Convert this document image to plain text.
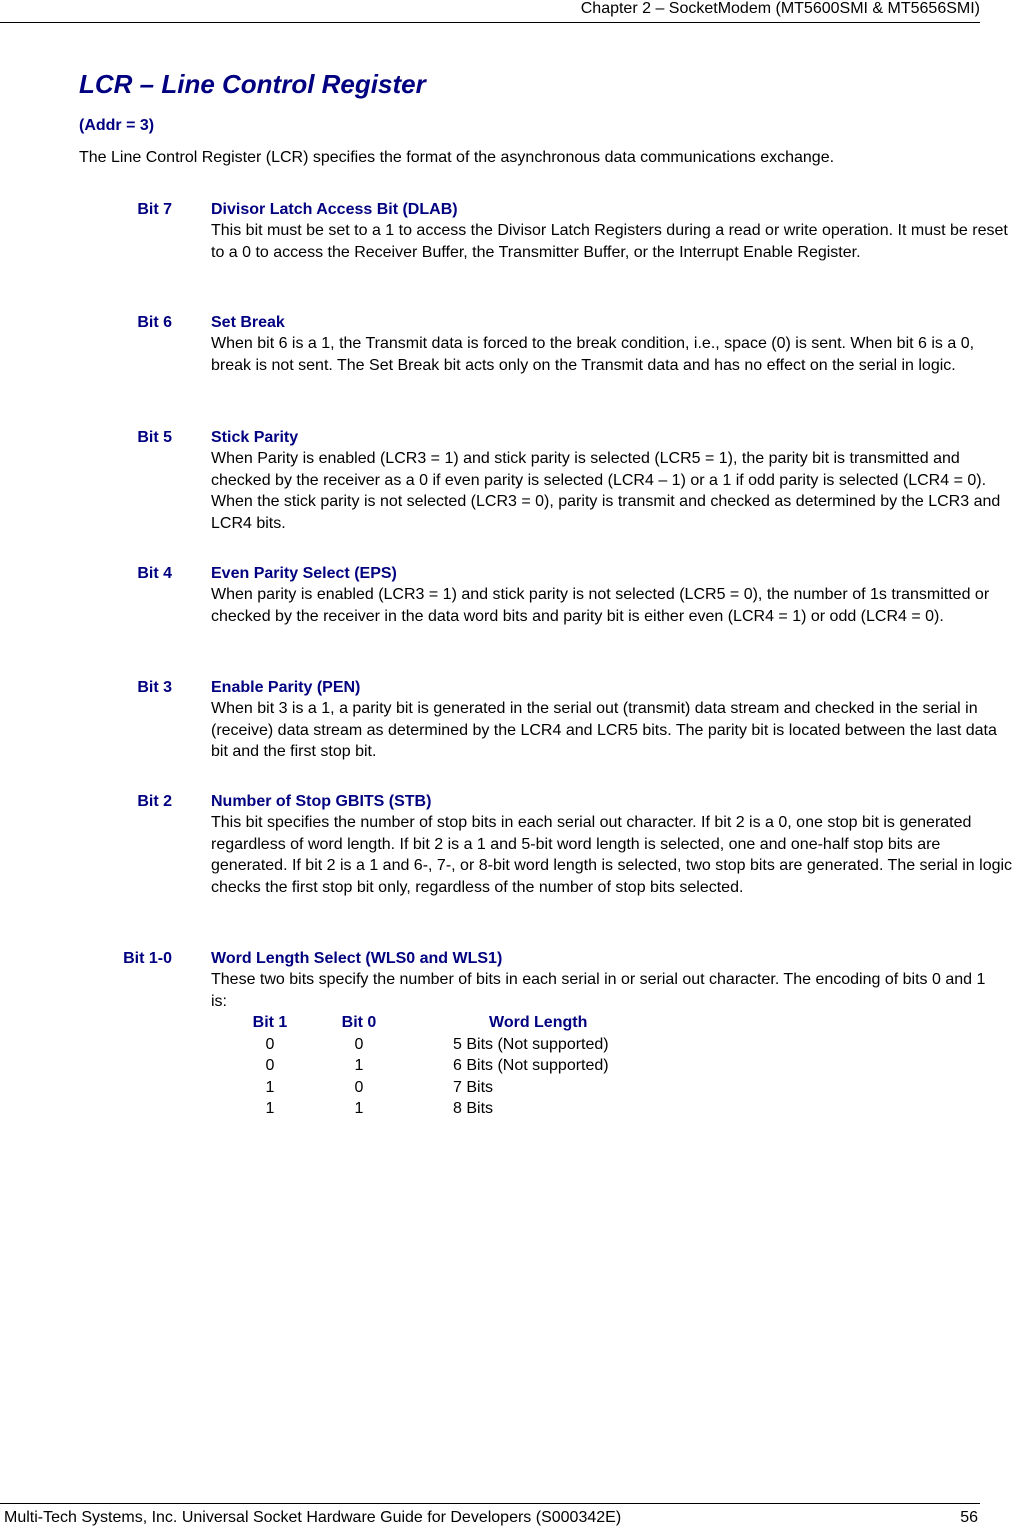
Chapter 2 – SocketModem (MT5600SMI & MT5656SMI)
LCR – Line Control Register
(Addr = 3)
The Line Control Register (LCR) specifies the format of the asynchronous data communications exchange.
Bit 7 Divisor Latch Access Bit (DLAB)
This bit must be set to a 1 to access the Divisor Latch Registers during a read or write operation. It must be reset to a 0 to access the Receiver Buffer, the Transmitter Buffer, or the Interrupt Enable Register.
Bit 6 Set Break
When bit 6 is a 1, the Transmit data is forced to the break condition, i.e., space (0) is sent. When bit 6 is a 0, break is not sent. The Set Break bit acts only on the Transmit data and has no effect on the serial in logic.
Bit 5 Stick Parity
When Parity is enabled (LCR3 = 1) and stick parity is selected (LCR5 = 1), the parity bit is transmitted and checked by the receiver as a 0 if even parity is selected (LCR4 – 1) or a 1 if odd parity is selected (LCR4 = 0). When the stick parity is not selected (LCR3 = 0), parity is transmit and checked as determined by the LCR3 and LCR4 bits.
Bit 4 Even Parity Select (EPS)
When parity is enabled (LCR3 = 1) and stick parity is not selected (LCR5 = 0), the number of 1s transmitted or checked by the receiver in the data word bits and parity bit is either even (LCR4 = 1) or odd (LCR4 = 0).
Bit 3 Enable Parity (PEN)
When bit 3 is a 1, a parity bit is generated in the serial out (transmit) data stream and checked in the serial in (receive) data stream as determined by the LCR4 and LCR5 bits. The parity bit is located between the last data bit and the first stop bit.
Bit 2 Number of Stop GBITS (STB)
This bit specifies the number of stop bits in each serial out character. If bit 2 is a 0, one stop bit is generated regardless of word length. If bit 2 is a 1 and 5-bit word length is selected, one and one-half stop bits are generated. If bit 2 is a 1 and 6-, 7-, or 8-bit word length is selected, two stop bits are generated. The serial in logic checks the first stop bit only, regardless of the number of stop bits selected.
Bit 1-0 Word Length Select (WLS0 and WLS1)
These two bits specify the number of bits in each serial in or serial out character. The encoding of bits 0 and 1 is:
Bit 1	Bit 0	Word Length
0	0	5 Bits (Not supported)
0	1	6 Bits (Not supported)
1	0	7 Bits
1	1	8 Bits
Multi-Tech Systems, Inc. Universal Socket Hardware Guide for Developers (S000342E)	56
